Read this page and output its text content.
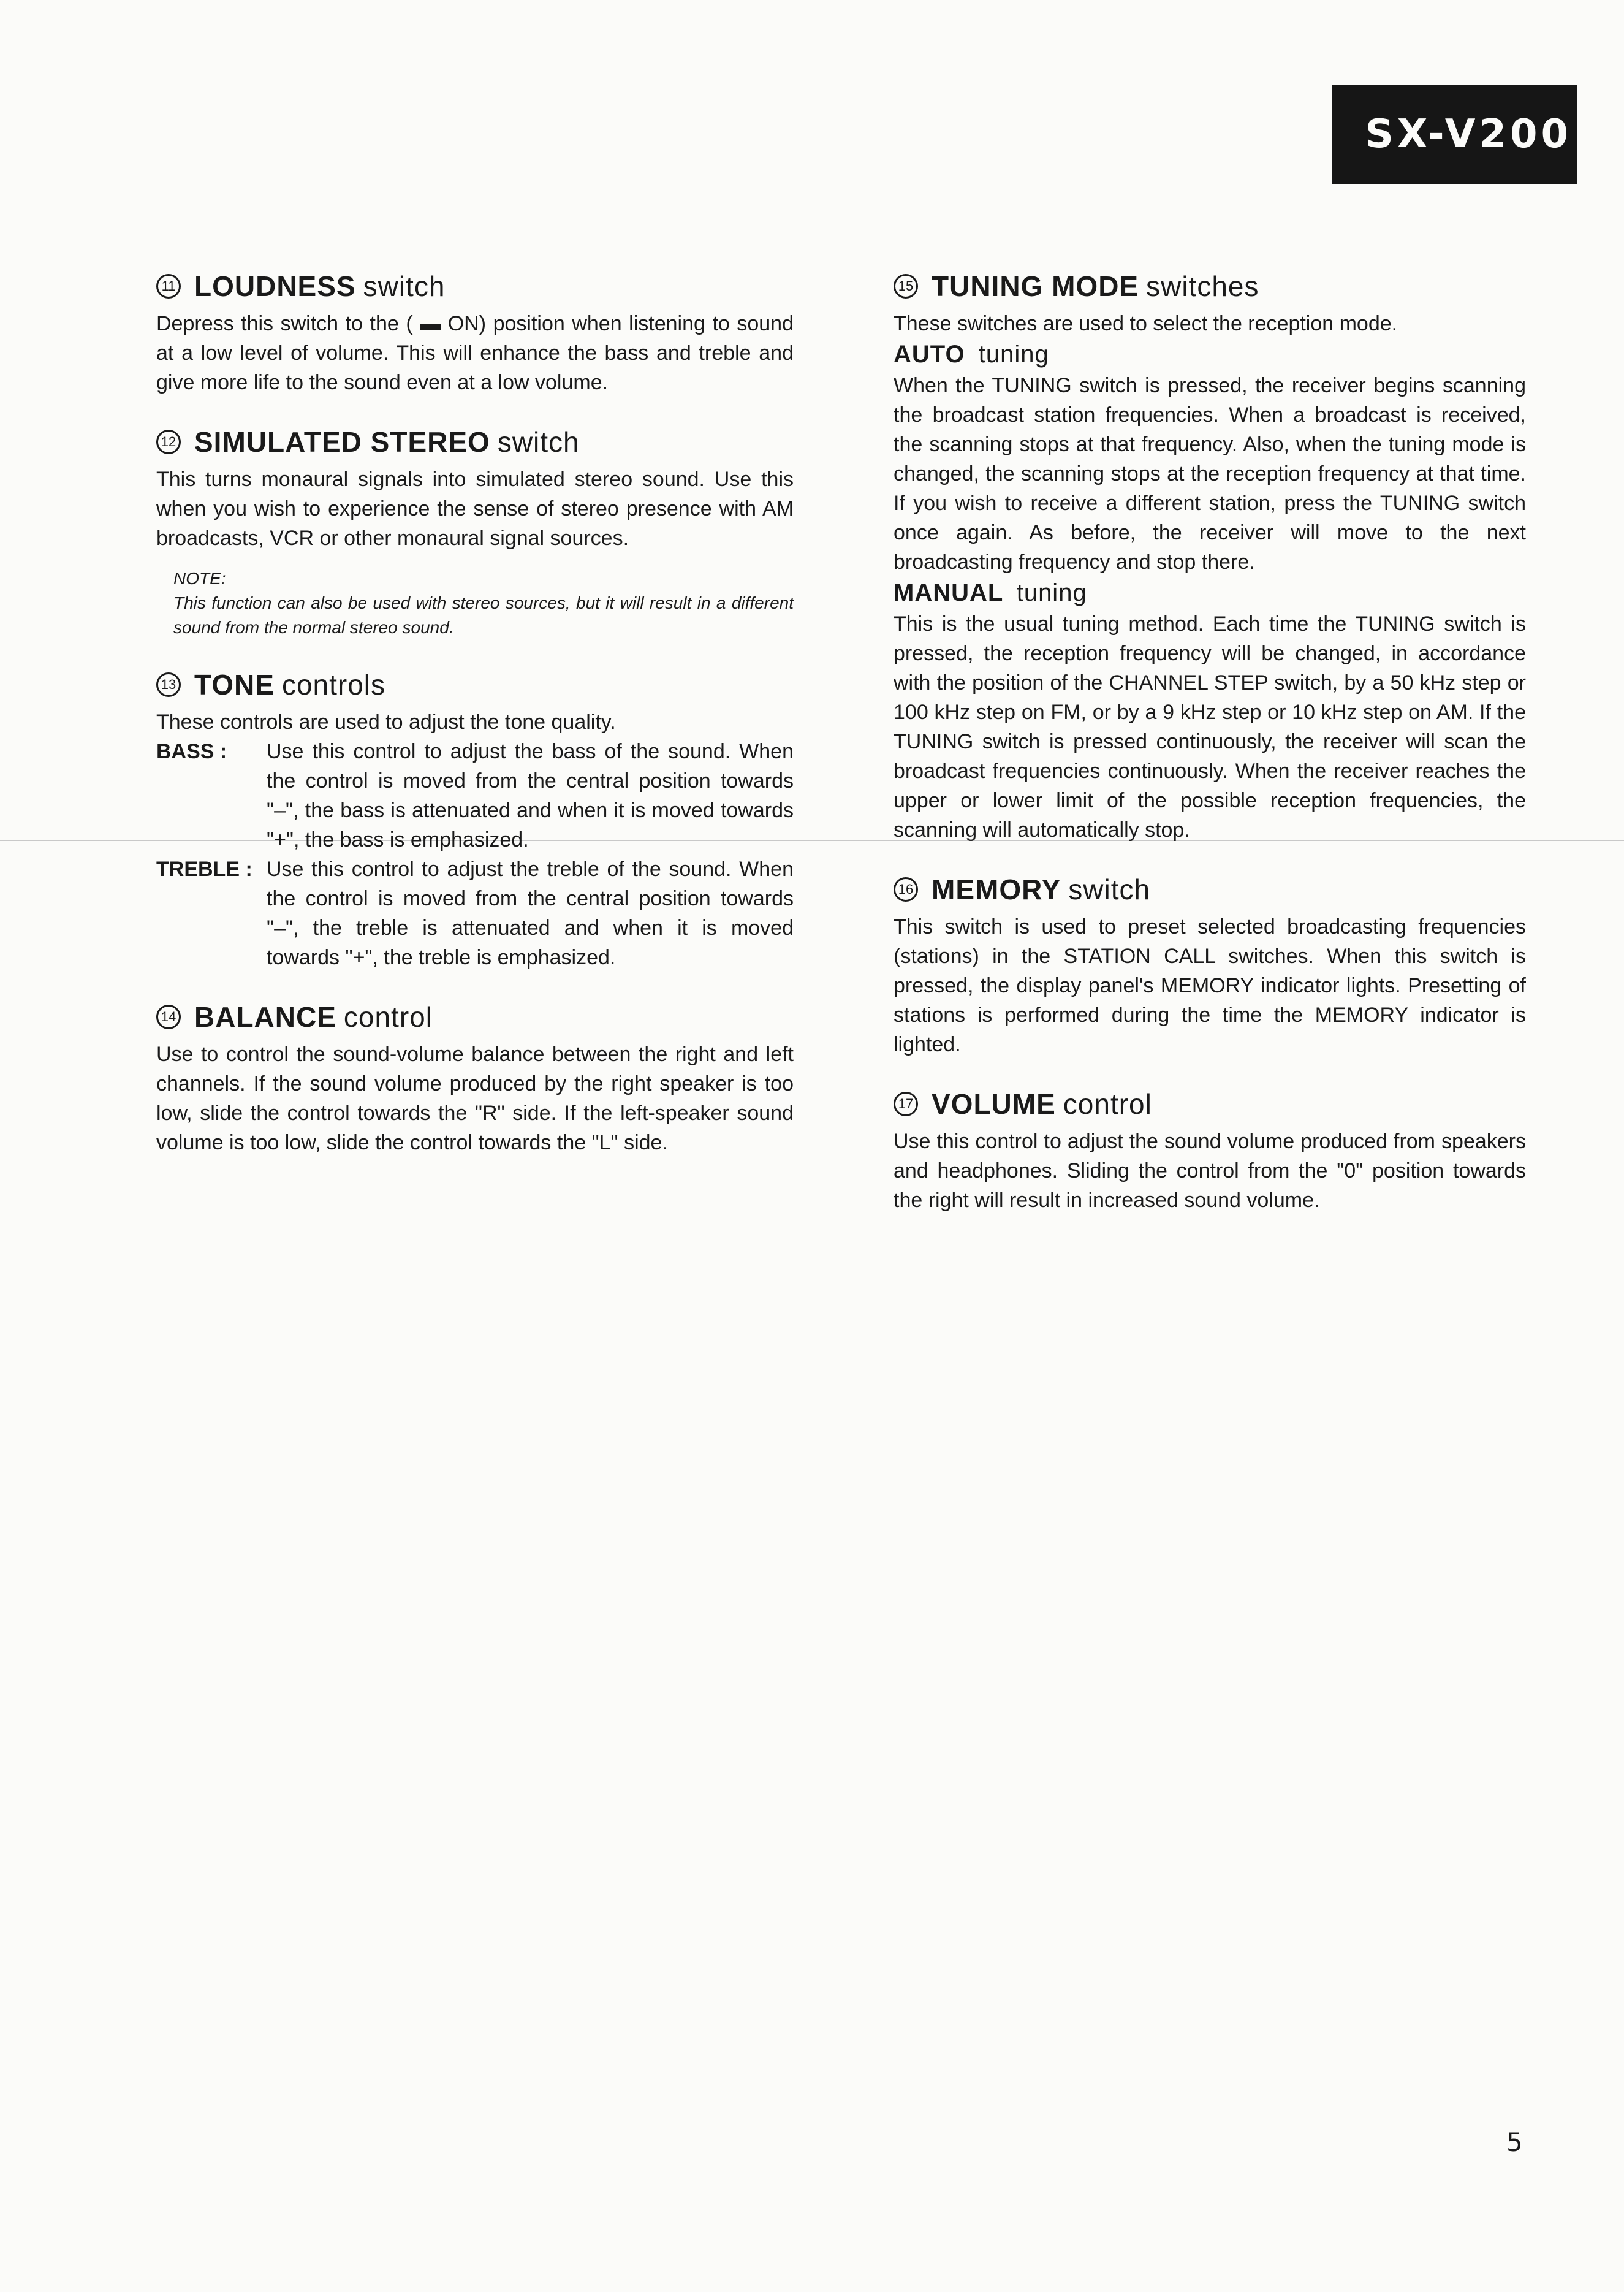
SX-V200
11 LOUDNESS switch

Depress this switch to the ( ▬ ON) position when listening to sound at a low level of volume. This will enhance the bass and treble and give more life to the sound even at a low volume.

12 SIMULATED STEREO switch

This turns monaural signals into simulated stereo sound. Use this when you wish to experience the sense of stereo presence with AM broadcasts, VCR or other monaural signal sources.

NOTE:
This function can also be used with stereo sources, but it will result in a different sound from the normal stereo sound.
13 TONE controls

These controls are used to adjust the tone quality.

BASS :	Use this control to adjust the bass of the sound. When the control is moved from the central position towards "–", the bass is attenuated and when it is moved towards "+", the bass is emphasized.
TREBLE : Use this control to adjust the treble of the sound. When the control is moved from the central position towards "–", the treble is attenuated and when it is moved towards "+", the treble is emphasized.
14 BALANCE control

Use to control the sound-volume balance between the right and left channels. If the sound volume produced by the right speaker is too low, slide the control towards the "R" side. If the left-speaker sound volume is too low, slide the control towards the "L" side.

15 TUNING MODE switches

These switches are used to select the reception mode.

AUTO tuning

When the TUNING switch is pressed, the receiver begins scanning the broadcast station frequencies. When a broadcast is received, the scanning stops at that frequency. Also, when the tuning mode is changed, the scanning stops at the reception frequency at that time. If you wish to receive a different station, press the TUNING switch once again. As before, the receiver will move to the next broadcasting frequency and stop there.

MANUAL tuning

This is the usual tuning method. Each time the TUNING switch is pressed, the reception frequency will be changed, in accordance with the position of the CHANNEL STEP switch, by a 50 kHz step or 100 kHz step on FM, or by a 9 kHz step or 10 kHz step on AM. If the TUNING switch is pressed continuously, the receiver will scan the broadcast frequencies continuously. When the receiver reaches the upper or lower limit of the possible reception frequencies, the scanning will automatically stop.

16 MEMORY switch

This switch is used to preset selected broadcasting frequencies (stations) in the STATION CALL switches. When this switch is pressed, the display panel's MEMORY indicator lights. Presetting of stations is performed during the time the MEMORY indicator is lighted.

17 VOLUME control

Use this control to adjust the sound volume produced from speakers and headphones. Sliding the control from the "0" position towards the right will result in increased sound volume.

5
